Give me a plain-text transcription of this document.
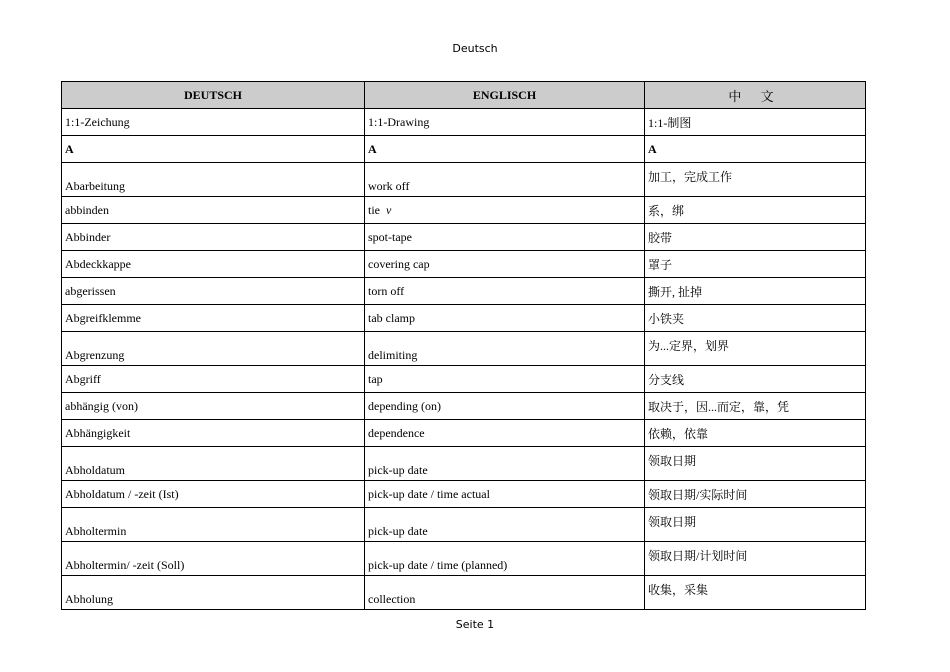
Deutsch
DEUTSCH	ENGLISCH	中 文
1:1-Zeichung	1:1-Drawing	1:1-制图
A	A	A
Abarbeitung	work off	加工，完成工作
abbinden	tie v	系，绑
Abbinder	spot-tape	胶带
Abdeckkappe	covering cap	罩子
abgerissen	torn off	撕开, 扯掉
Abgreifklemme	tab clamp	小铁夹
Abgrenzung	delimiting	为...定界，划界
Abgriff	tap	分支线
abhängig (von)	depending (on)	取决于，因...而定，靠，凭
Abhängigkeit	dependence	依赖，依靠
Abholdatum	pick-up date	领取日期
Abholdatum / -zeit (Ist)	pick-up date / time actual	领取日期/实际时间
Abholtermin	pick-up date	领取日期
Abholtermin/ -zeit (Soll)	pick-up date / time (planned)	领取日期/计划时间
Abholung	collection	收集，采集
Seite 1
